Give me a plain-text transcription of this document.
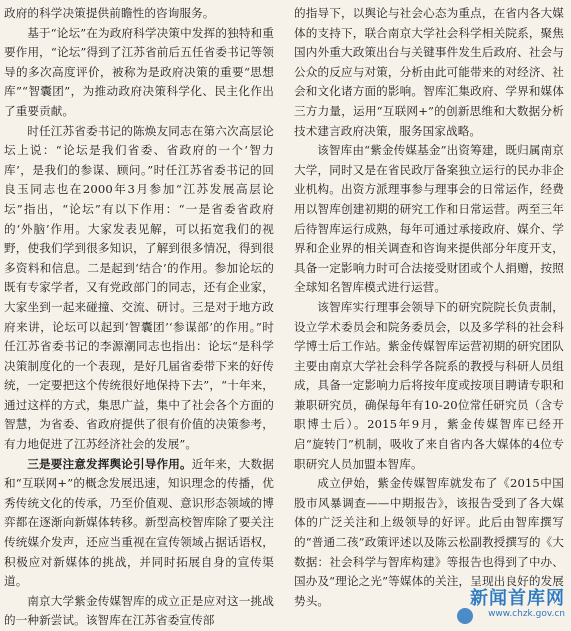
政府的科学决策提供前瞻性的咨询服务。

基于“论坛”在为政府科学决策中发挥的独特和重要作用，“论坛”得到了江苏省前后五任省委书记等领导的多次高度评价，被称为是政府决策的重要“思想库”“智囊团”，为推动政府决策科学化、民主化作出了重要贡献。

时任江苏省委书记的陈焕友同志在第六次高层论坛上说：“论坛是我们省委、省政府的一个‘智力库’，是我们的参谋、顾问。”时任江苏省委书记的回良玉同志也在2000年3月参加“江苏发展高层论坛”指出，“论坛”有以下作用：“一是省委省政府的‘外脑’作用。大家发表见解，可以拓宽我们的视野，使我们学到很多知识，了解到很多情况，得到很多资料和信息。二是起到‘结合’的作用。参加论坛的既有专家学者，又有党政部门的同志，还有企业家，大家坐到一起来碰撞、交流、研讨。三是对于地方政府来讲，论坛可以起到‘智囊团’‘参谋部’的作用。”时任江苏省委书记的李源潮同志也指出：论坛“是科学决策制度化的一个表现，是好几届省委带下来的好传统，一定要把这个传统很好地保持下去”，“十年来，通过这样的方式，集思广益，集中了社会各个方面的智慧，为省委、省政府提供了很有价值的决策参考，有力地促进了江苏经济社会的发展”。

三是要注意发挥舆论引导作用。近年来，大数据和“互联网+”的概念发展迅速，知识理念的传播，优秀传统文化的传承，乃至价值观、意识形态领域的博弈都在逐渐向新媒体转移。新型高校智库除了要关注传统媒介发声，还应当重视在宣传领域占据话语权，积极应对新媒体的挑战，并同时拓展自身的宣传渠道。

南京大学紫金传媒智库的成立正是应对这一挑战的一种新尝试。该智库在江苏省委宣传部

的指导下，以舆论与社会心态为重点，在省内各大媒体的支持下，联合南京大学社会科学相关院系，聚焦国内外重大政策出台与关键事件发生后政府、社会与公众的反应与对策，分析由此可能带来的对经济、社会和文化诸方面的影响。智库汇集政府、学界和媒体三方力量，运用“互联网+”的创新思维和大数据分析技术建言政府决策，服务国家战略。

该智库由“紫金传媒基金”出资筹建，既归属南京大学，同时又是在省民政厅备案独立运行的民办非企业机构。出资方派理事参与理事会的日常运作，经费用以智库创建初期的研究工作和日常运营。两至三年后待智库运行成熟，每年可通过承接政府、媒介、学界和企业界的相关调查和咨询来提供部分年度开支，具备一定影响力时可合法接受财团或个人捐赠，按照全球知名智库模式进行运营。

该智库实行理事会领导下的研究院院长负责制，设立学术委员会和院务委员会，以及多学科的社会科学博士后工作站。紫金传媒智库运营初期的研究团队主要由南京大学社会科学各院系的教授与科研人员组成，具备一定影响力后将按年度或按项目聘请专职和兼职研究员，确保每年有10-20位常任研究员（含专职博士后）。2015年9月，紫金传媒智库已经开启“旋转门”机制，吸收了来自省内各大媒体的4位专职研究人员加盟本智库。

成立伊始，紫金传媒智库就发布了《2015中国股市风暴调查——中期报告》，该报告受到了各大媒体的广泛关注和上级领导的好评。此后由智库撰写的“普通二孩”政策评述以及陈云松副教授撰写的《大数据：社会科学与智库构建》等报告也得到了中办、国办及“理论之光”等媒体的关注，呈现出良好的发展势头。	新闻首库网
www.chzk.gov.cn
